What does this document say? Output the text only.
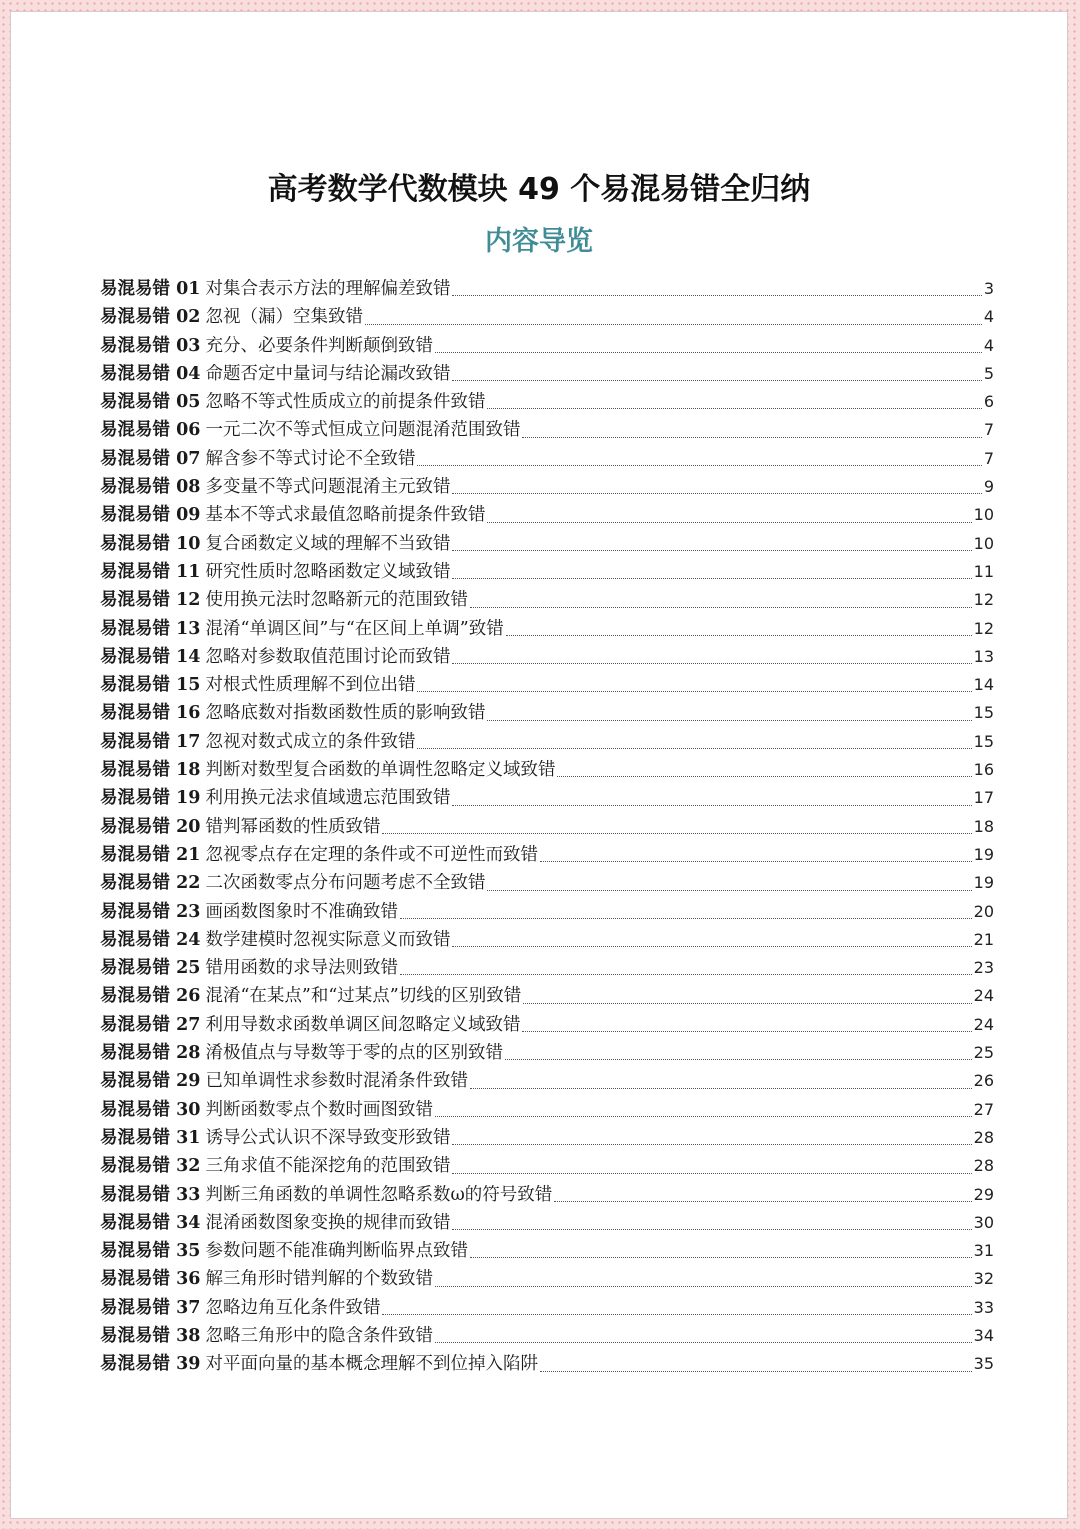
高考数学代数模块 49 个易混易错全归纳
内容导览
易混易错 01 对集合表示方法的理解偏差致错	3
易混易错 02 忽视（漏）空集致错	4
易混易错 03 充分、必要条件判断颠倒致错	4
易混易错 04 命题否定中量词与结论漏改致错	5
易混易错 05 忽略不等式性质成立的前提条件致错	6
易混易错 06 一元二次不等式恒成立问题混淆范围致错	7
易混易错 07 解含参不等式讨论不全致错	7
易混易错 08 多变量不等式问题混淆主元致错	9
易混易错 09 基本不等式求最值忽略前提条件致错	10
易混易错 10 复合函数定义域的理解不当致错	10
易混易错 11 研究性质时忽略函数定义域致错	11
易混易错 12 使用换元法时忽略新元的范围致错	12
易混易错 13 混淆“单调区间”与“在区间上单调”致错	12
易混易错 14 忽略对参数取值范围讨论而致错	13
易混易错 15 对根式性质理解不到位出错	14
易混易错 16 忽略底数对指数函数性质的影响致错	15
易混易错 17 忽视对数式成立的条件致错	15
易混易错 18 判断对数型复合函数的单调性忽略定义域致错	16
易混易错 19 利用换元法求值域遗忘范围致错	17
易混易错 20 错判幂函数的性质致错	18
易混易错 21 忽视零点存在定理的条件或不可逆性而致错	19
易混易错 22 二次函数零点分布问题考虑不全致错	19
易混易错 23 画函数图象时不准确致错	20
易混易错 24 数学建模时忽视实际意义而致错	21
易混易错 25 错用函数的求导法则致错	23
易混易错 26 混淆“在某点”和“过某点”切线的区别致错	24
易混易错 27 利用导数求函数单调区间忽略定义域致错	24
易混易错 28 淆极值点与导数等于零的点的区别致错	25
易混易错 29 已知单调性求参数时混淆条件致错	26
易混易错 30 判断函数零点个数时画图致错	27
易混易错 31 诱导公式认识不深导致变形致错	28
易混易错 32 三角求值不能深挖角的范围致错	28
易混易错 33 判断三角函数的单调性忽略系数ω的符号致错	29
易混易错 34 混淆函数图象变换的规律而致错	30
易混易错 35 参数问题不能准确判断临界点致错	31
易混易错 36 解三角形时错判解的个数致错	32
易混易错 37 忽略边角互化条件致错	33
易混易错 38 忽略三角形中的隐含条件致错	34
易混易错 39 对平面向量的基本概念理解不到位掉入陷阱	35
